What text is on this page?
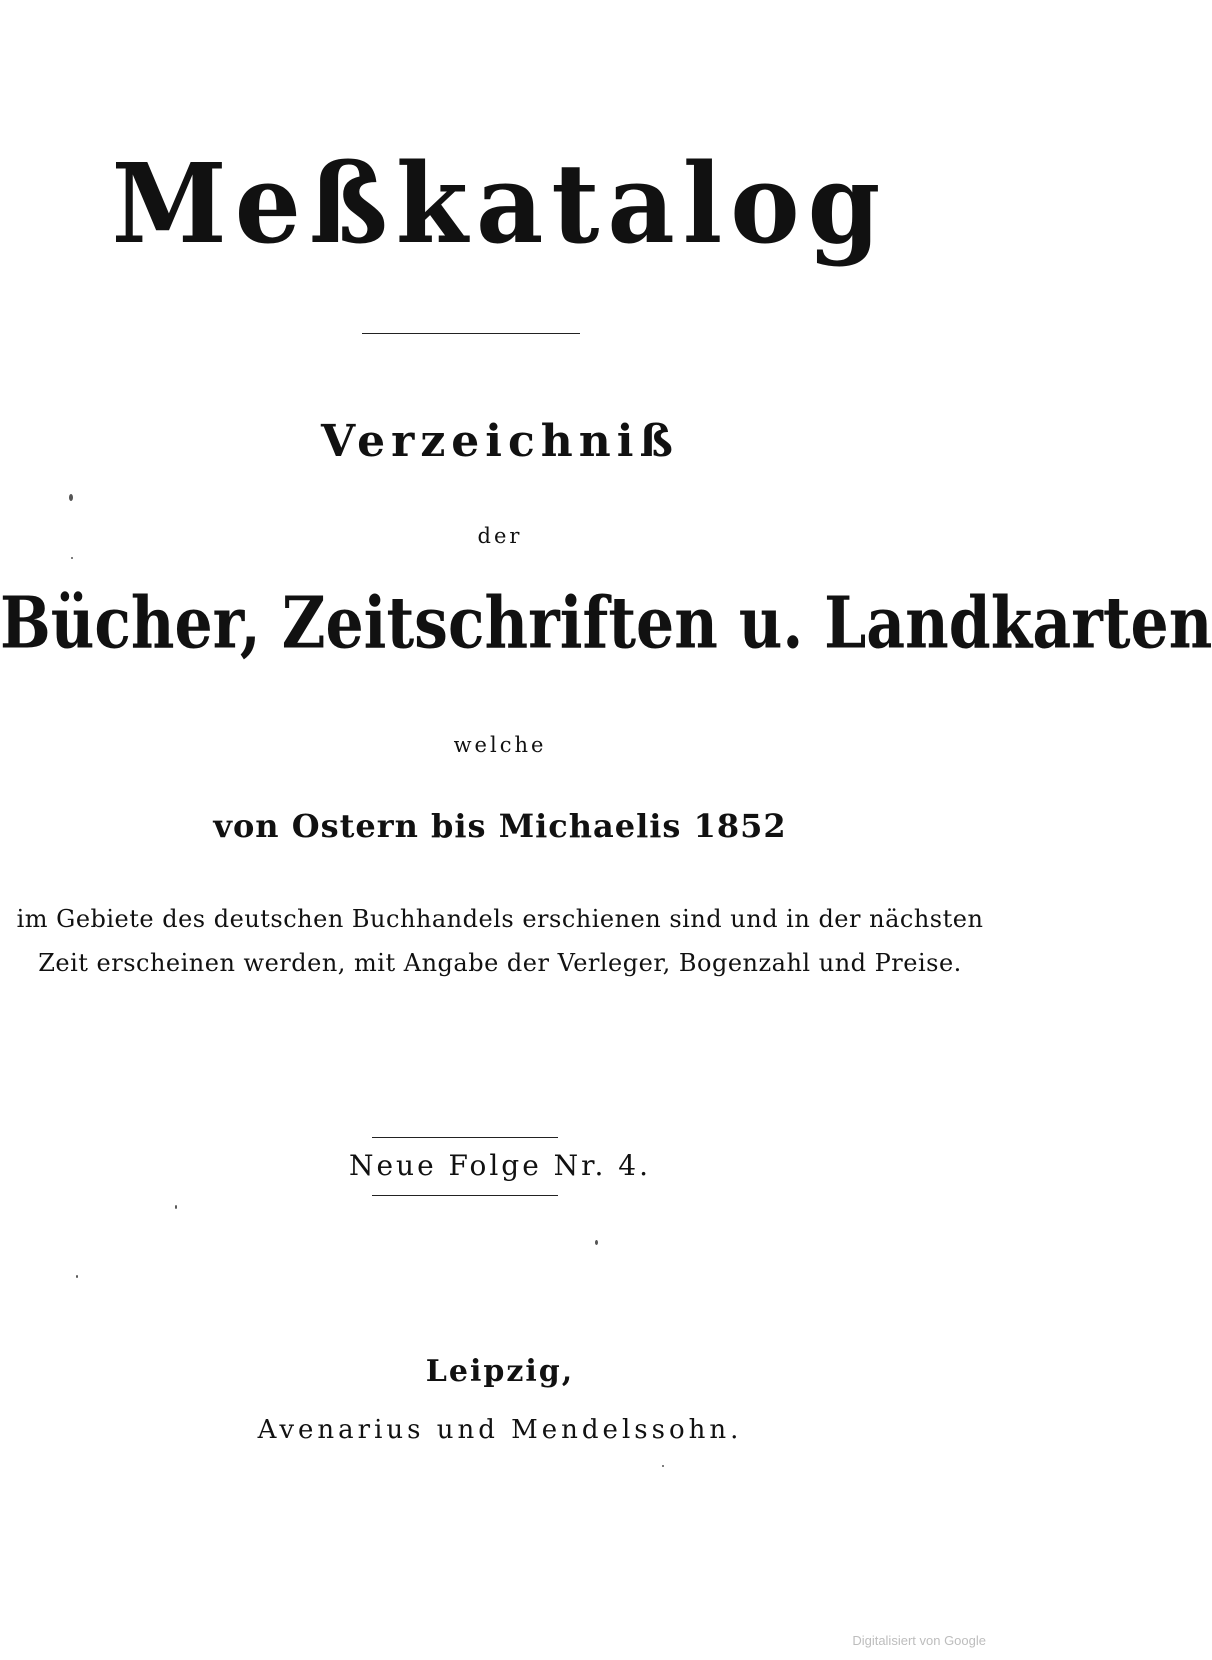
Meßkatalog
Verzeichniß
der
Bücher, Zeitschriften u. Landkarten
welche
von Ostern bis Michaelis 1852
im Gebiete des deutschen Buchhandels erschienen sind und in der nächsten
Zeit erscheinen werden, mit Angabe der Verleger, Bogenzahl und Preise.
Neue Folge Nr. 4.
Leipzig,
Avenarius und Mendelssohn.
Digitalisiert von Google
